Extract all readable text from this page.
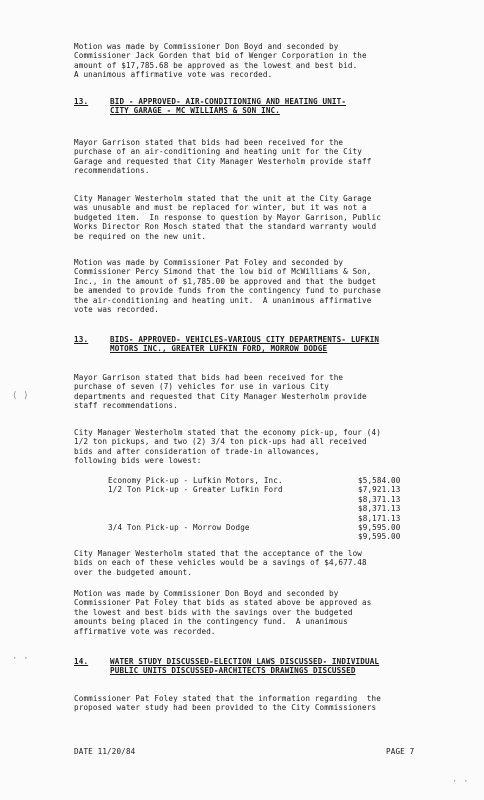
Motion was made by Commissioner Don Boyd and seconded by
Commissioner Jack Gorden that bid of Wenger Corporation in the
amount of $17,785.68 be approved as the lowest and best bid.
A unanimous affirmative vote was recorded.
13.	BID - APPROVED- AIR-CONDITIONING AND HEATING UNIT-
CITY GARAGE - MC WILLIAMS & SON INC.
Mayor Garrison stated that bids had been received for the
purchase of an air-conditioning and heating unit for the City
Garage and requested that City Manager Westerholm provide staff
recommendations.
City Manager Westerholm stated that the unit at the City Garage
was unusable and must be replaced for winter, but it was not a
budgeted item.  In response to question by Mayor Garrison, Public
Works Director Ron Mosch stated that the standard warranty would
be required on the new unit.
Motion was made by Commissioner Pat Foley and seconded by
Commissioner Percy Simond that the low bid of McWilliams & Son,
Inc., in the amount of $1,785.00 be approved and that the budget
be amended to provide funds from the contingency fund to purchase
the air-conditioning and heating unit.  A unanimous affirmative
vote was recorded.
13.	BIDS- APPROVED- VEHICLES-VARIOUS CITY DEPARTMENTS- LUFKIN
MOTORS INC., GREATER LUFKIN FORD, MORROW DODGE
Mayor Garrison stated that bids had been received for the
purchase of seven (7) vehicles for use in various City
departments and requested that City Manager Westerholm provide
staff recommendations.
City Manager Westerholm stated that the economy pick-up, four (4)
1/2 ton pickups, and two (2) 3/4 ton pick-ups had all received
bids and after consideration of trade-in allowances,
following bids were lowest:
Economy Pick-up - Lufkin Motors, Inc.	$5,584.00
1/2 Ton Pick-up - Greater Lufkin Ford	$7,921.13
$8,371.13
$8,371.13
$8,171.13
3/4 Ton Pick-up - Morrow Dodge	$9,595.00
$9,595.00
City Manager Westerholm stated that the acceptance of the low
bids on each of these vehicles would be a savings of $4,677.48
over the budgeted amount.
Motion was made by Commissioner Don Boyd and seconded by
Commissioner Pat Foley that bids as stated above be approved as
the lowest and best bids with the savings over the budgeted
amounts being placed in the contingency fund.  A unanimous
affirmative vote was recorded.
14.	WATER STUDY DISCUSSED-ELECTION LAWS DISCUSSED- INDIVIDUAL
PUBLIC UNITS DISCUSSED-ARCHITECTS DRAWINGS DISCUSSED
Commissioner Pat Foley stated that the information regarding  the
proposed water study had been provided to the City Commissioners
DATE 11/20/84	PAGE 7
⟨ ⟩
· ·
· ·
